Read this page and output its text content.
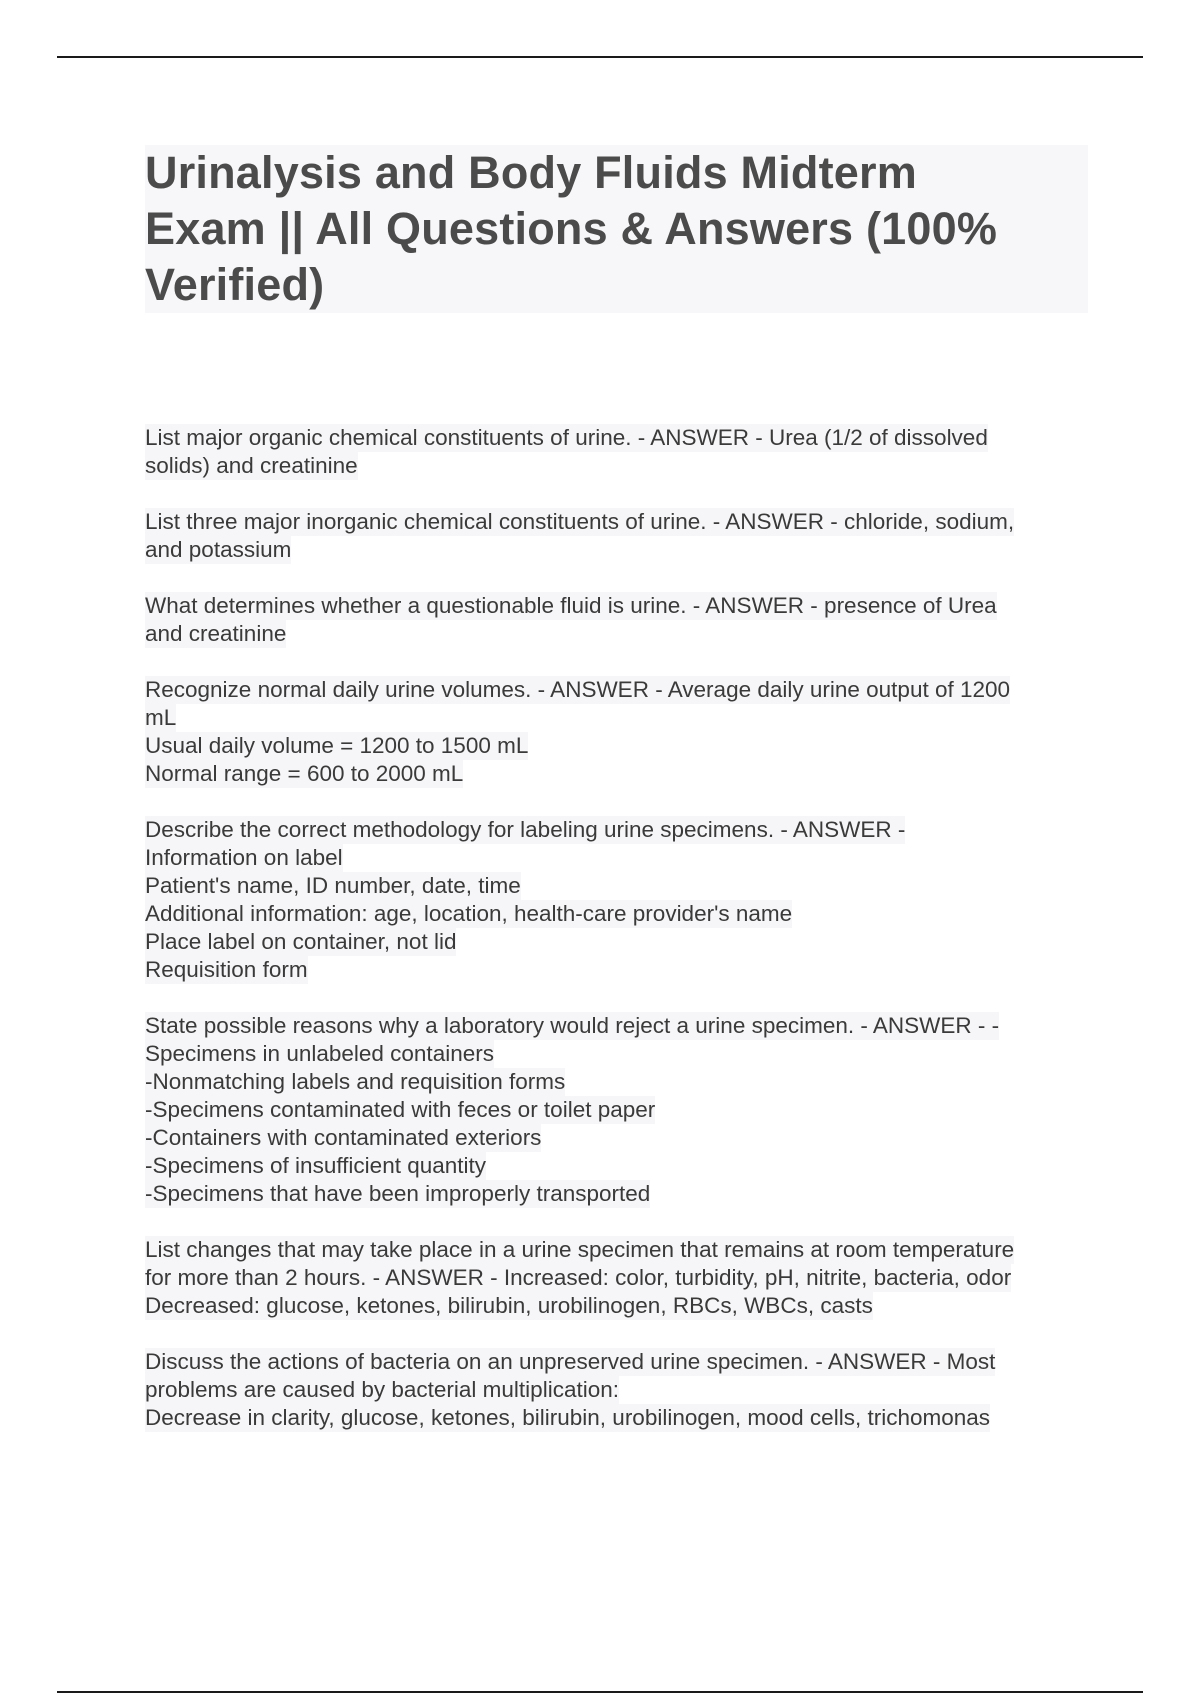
Urinalysis and Body Fluids Midterm
Exam || All Questions & Answers (100%
Verified)
List major organic chemical constituents of urine. - ANSWER - Urea (1/2 of dissolved
solids) and creatinine
List three major inorganic chemical constituents of urine. - ANSWER - chloride, sodium,
and potassium
What determines whether a questionable fluid is urine. - ANSWER - presence of Urea
and creatinine
Recognize normal daily urine volumes. - ANSWER - Average daily urine output of 1200
mL
Usual daily volume = 1200 to 1500 mL
Normal range = 600 to 2000 mL
Describe the correct methodology for labeling urine specimens. - ANSWER -
Information on label
Patient's name, ID number, date, time
Additional information: age, location, health-care provider's name
Place label on container, not lid
Requisition form
State possible reasons why a laboratory would reject a urine specimen. - ANSWER - -
Specimens in unlabeled containers
-Nonmatching labels and requisition forms
-Specimens contaminated with feces or toilet paper
-Containers with contaminated exteriors
-Specimens of insufficient quantity
-Specimens that have been improperly transported
List changes that may take place in a urine specimen that remains at room temperature
for more than 2 hours. - ANSWER - Increased: color, turbidity, pH, nitrite, bacteria, odor
Decreased: glucose, ketones, bilirubin, urobilinogen, RBCs, WBCs, casts
Discuss the actions of bacteria on an unpreserved urine specimen. - ANSWER - Most
problems are caused by bacterial multiplication:
Decrease in clarity, glucose, ketones, bilirubin, urobilinogen, mood cells, trichomonas
